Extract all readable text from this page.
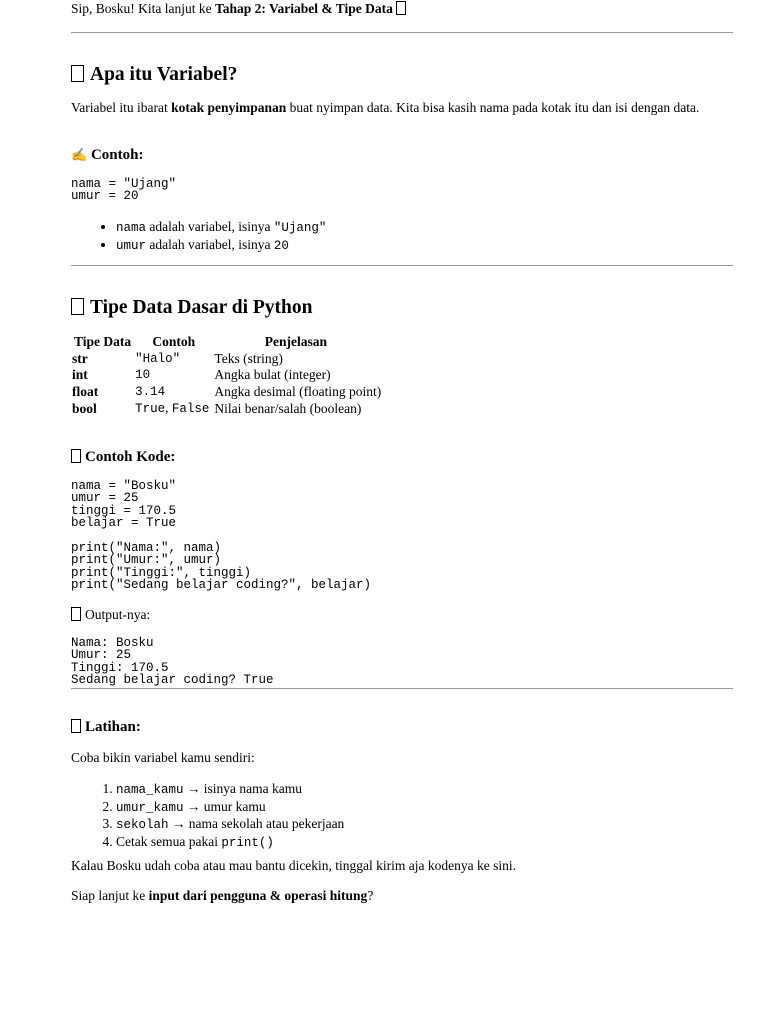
Sip, Bosku! Kita lanjut ke Tahap 2: Variabel & Tipe Data

Apa itu Variabel?

Variabel itu ibarat kotak penyimpanan buat nyimpan data. Kita bisa kasih nama pada kotak itu dan isi dengan data.

✍️ Contoh:
nama = "Ujang"
umur = 20
• nama adalah variabel, isinya "Ujang"
• umur adalah variabel, isinya 20
Tipe Data Dasar di Python
Tipe Data	Contoh	Penjelasan
str	"Halo"	Teks (string)
int	10	Angka bulat (integer)
float	3.14	Angka desimal (floating point)
bool	True, False	Nilai benar/salah (boolean)
Contoh Kode:
nama = "Bosku"
umur = 25
tinggi = 170.5
belajar = True

print("Nama:", nama)
print("Umur:", umur)
print("Tinggi:", tinggi)
print("Sedang belajar coding?", belajar)

Output-nya:

Nama: Bosku
Umur: 25
Tinggi: 170.5
Sedang belajar coding? True
Latihan:

Coba bikin variabel kamu sendiri:

1. nama_kamu → isinya nama kamu
2. umur_kamu → umur kamu
3. sekolah → nama sekolah atau pekerjaan
4. Cetak semua pakai print()

Kalau Bosku udah coba atau mau bantu dicekin, tinggal kirim aja kodenya ke sini.

Siap lanjut ke input dari pengguna & operasi hitung?
